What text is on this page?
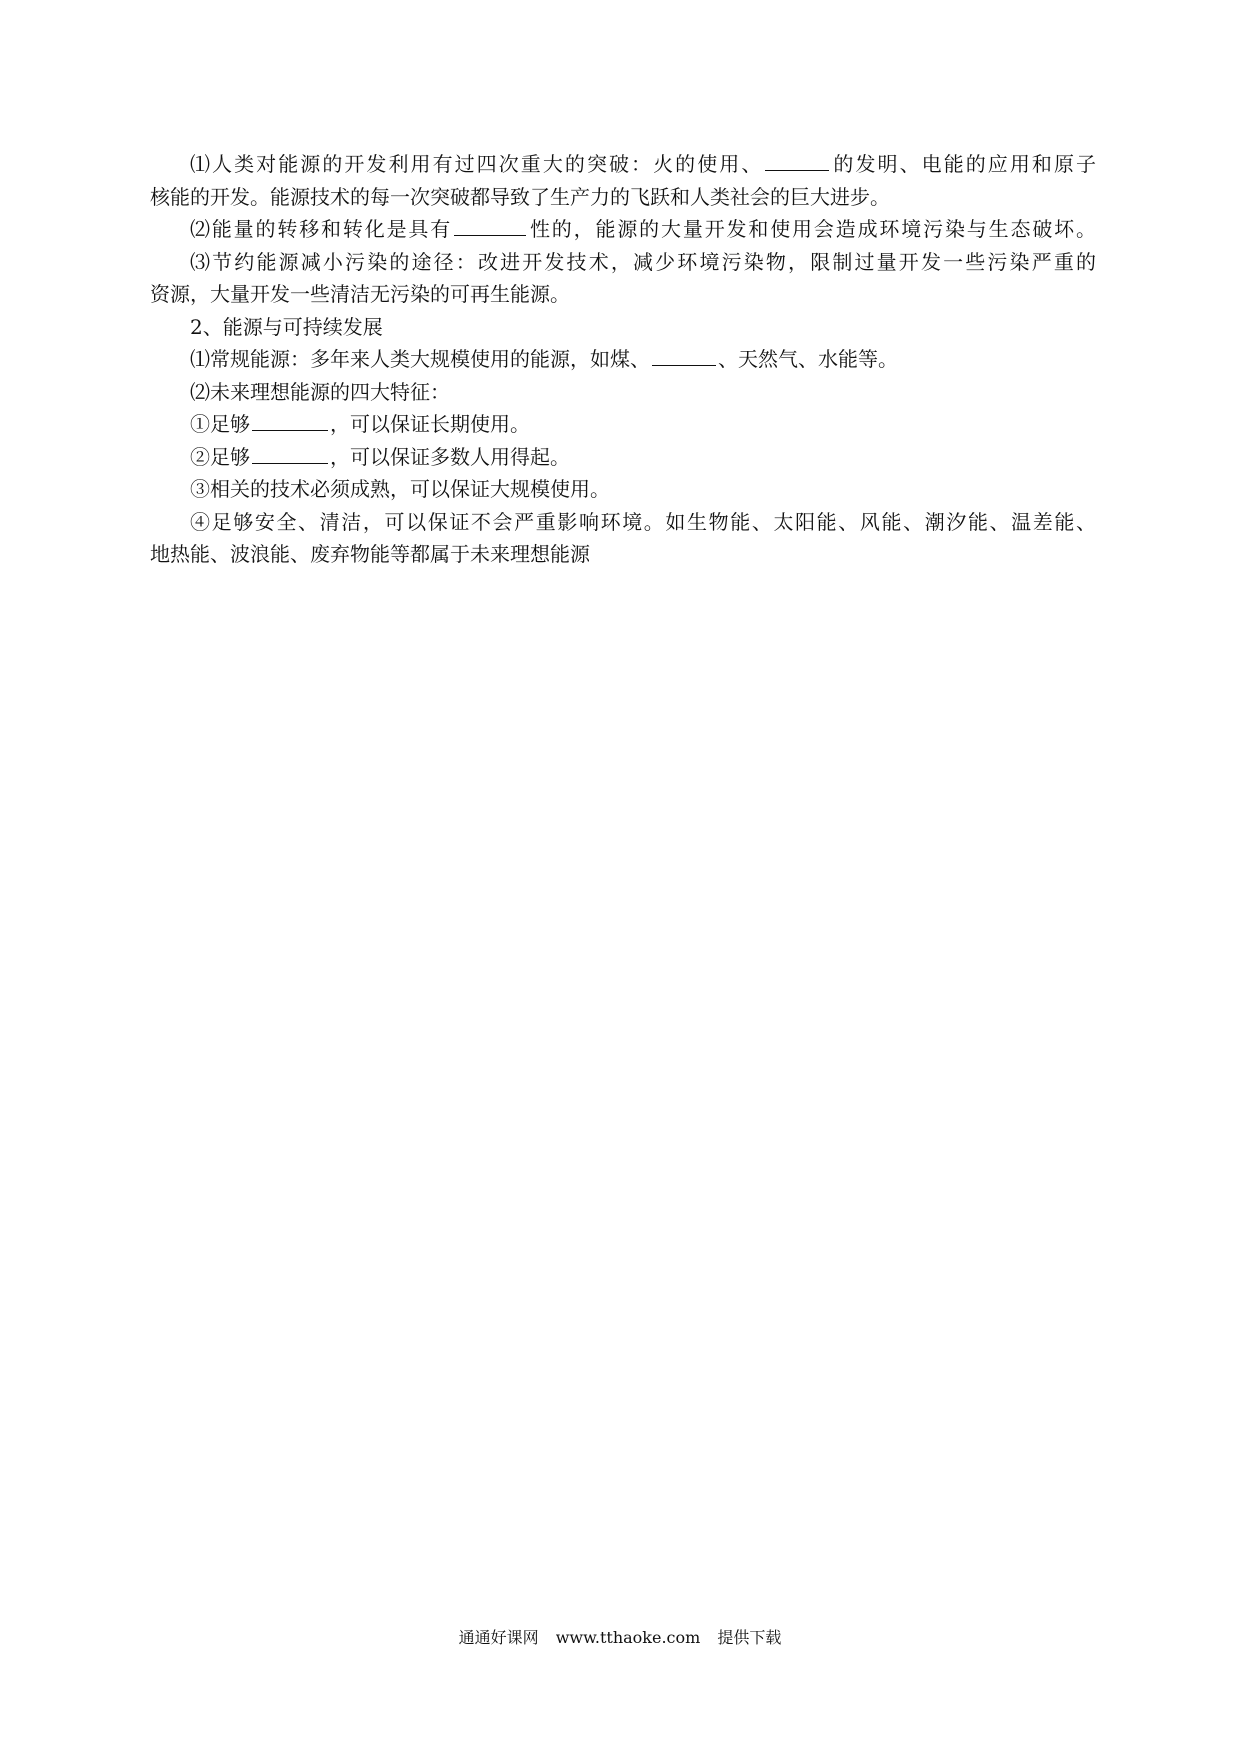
⑴人类对能源的开发利用有过四次重大的突破：火的使用、	的发明、电能的应用和原子
核能的开发。能源技术的每一次突破都导致了生产力的飞跃和人类社会的巨大进步。
⑵能量的转移和转化是具有	性的，能源的大量开发和使用会造成环境污染与生态破坏。
⑶节约能源减小污染的途径：改进开发技术，减少环境污染物，限制过量开发一些污染严重的
资源，大量开发一些清洁无污染的可再生能源。
2、能源与可持续发展
⑴常规能源：多年来人类大规模使用的能源，如煤、	、天然气、水能等。
⑵未来理想能源的四大特征：
①足够	，可以保证长期使用。
②足够	，可以保证多数人用得起。
③相关的技术必须成熟，可以保证大规模使用。
④足够安全、清洁，可以保证不会严重影响环境。如生物能、太阳能、风能、潮汐能、温差能、
地热能、波浪能、废弃物能等都属于未来理想能源
通通好课网 www.tthaoke.com 提供下载
